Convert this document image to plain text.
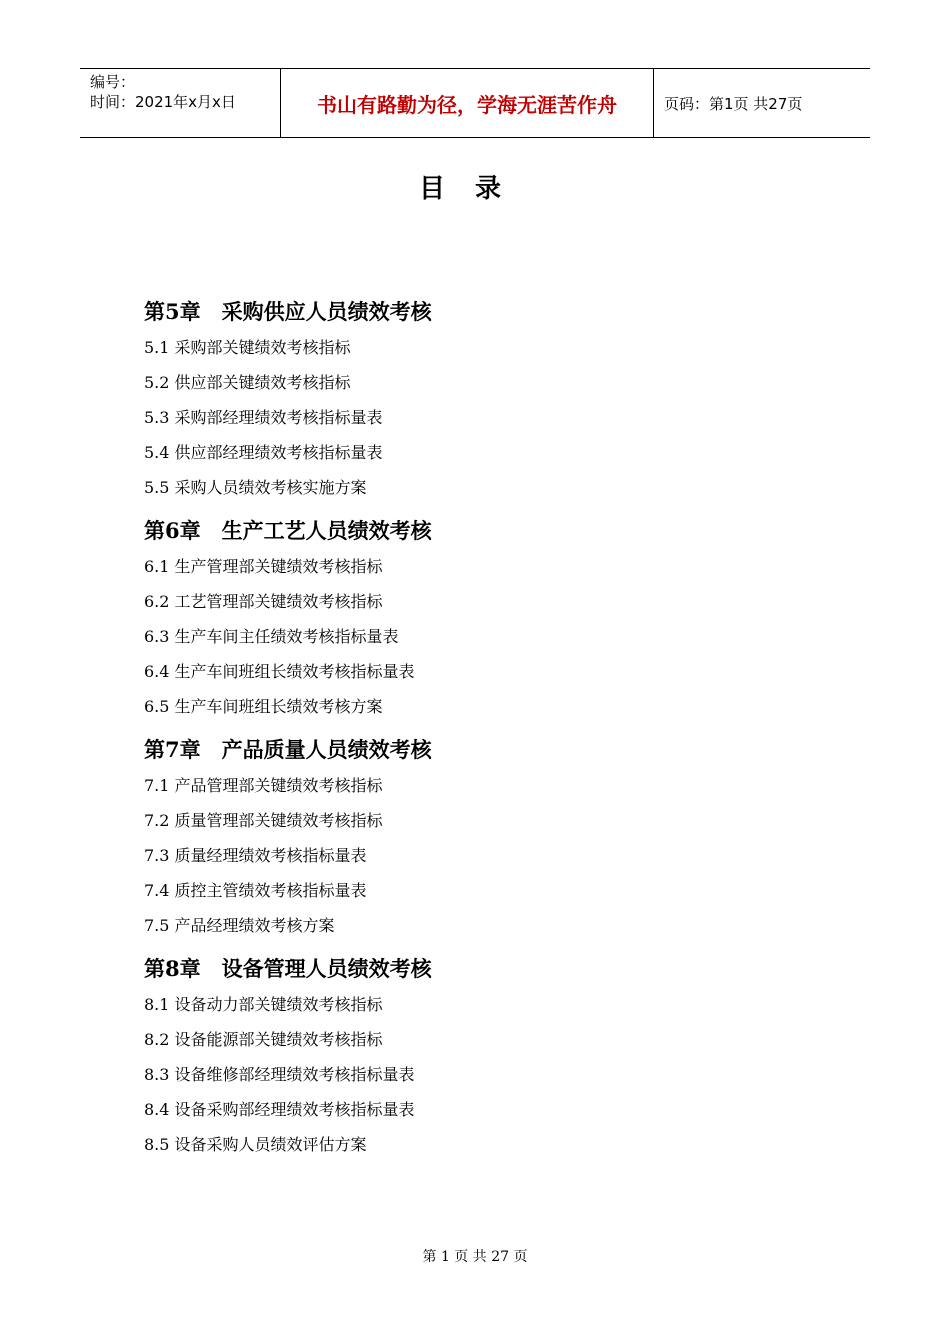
编号：
时间：2021年x月x日	书山有路勤为径，学海无涯苦作舟	页码：第1页 共27页
目录
第5章　采购供应人员绩效考核
5.1 采购部关键绩效考核指标
5.2 供应部关键绩效考核指标
5.3 采购部经理绩效考核指标量表
5.4 供应部经理绩效考核指标量表
5.5 采购人员绩效考核实施方案
第6章　生产工艺人员绩效考核
6.1 生产管理部关键绩效考核指标
6.2 工艺管理部关键绩效考核指标
6.3 生产车间主任绩效考核指标量表
6.4 生产车间班组长绩效考核指标量表
6.5 生产车间班组长绩效考核方案
第7章　产品质量人员绩效考核
7.1 产品管理部关键绩效考核指标
7.2 质量管理部关键绩效考核指标
7.3 质量经理绩效考核指标量表
7.4 质控主管绩效考核指标量表
7.5 产品经理绩效考核方案
第8章　设备管理人员绩效考核
8.1 设备动力部关键绩效考核指标
8.2 设备能源部关键绩效考核指标
8.3 设备维修部经理绩效考核指标量表
8.4 设备采购部经理绩效考核指标量表
8.5 设备采购人员绩效评估方案
第 1 页 共 27 页
